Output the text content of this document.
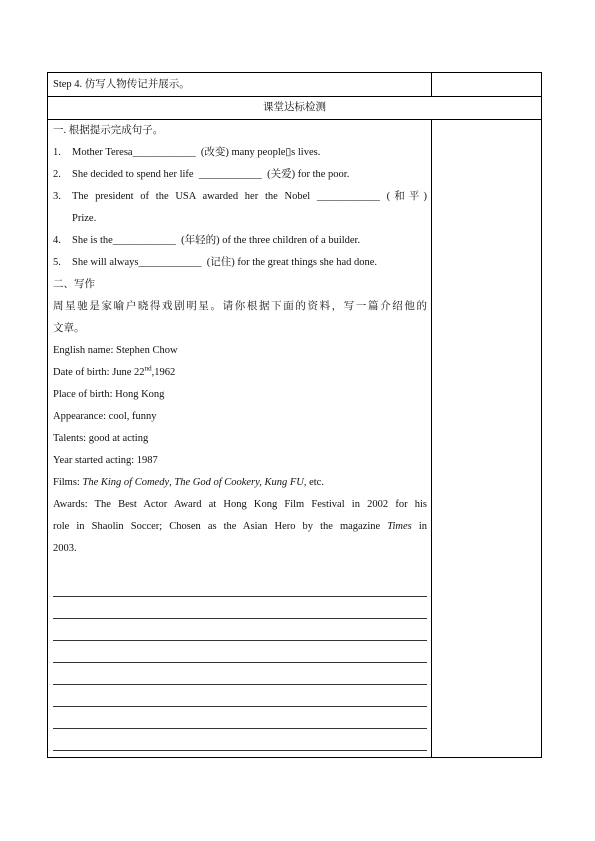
Step 4. 仿写人物传记并展示。
课堂达标检测
一. 根据提示完成句子。
1.	Mother Teresa____________  (改变) many people▯s lives.
2.	She decided to spend her life  ____________  (关爱) for the poor.
3.	The president of the USA awarded her the Nobel ____________ (和平)
Prize.
4.	She is the____________  (年轻的) of the three children of a builder.
5.	She will always____________  (记住) for the great things she had done.
二、写作
周星驰是家喻户晓得戏剧明星。请你根据下面的资料，写一篇介绍他的
文章。
English name: Stephen Chow
Date of birth: June 22nd,1962
Place of birth: Hong Kong
Appearance: cool, funny
Talents: good at acting
Year started acting: 1987
Films: The King of Comedy, The God of Cookery, Kung FU, etc.
Awards: The Best Actor Award at Hong Kong Film Festival in 2002 for his
role in Shaolin Soccer; Chosen as the Asian Hero by the magazine Times in
2003.
